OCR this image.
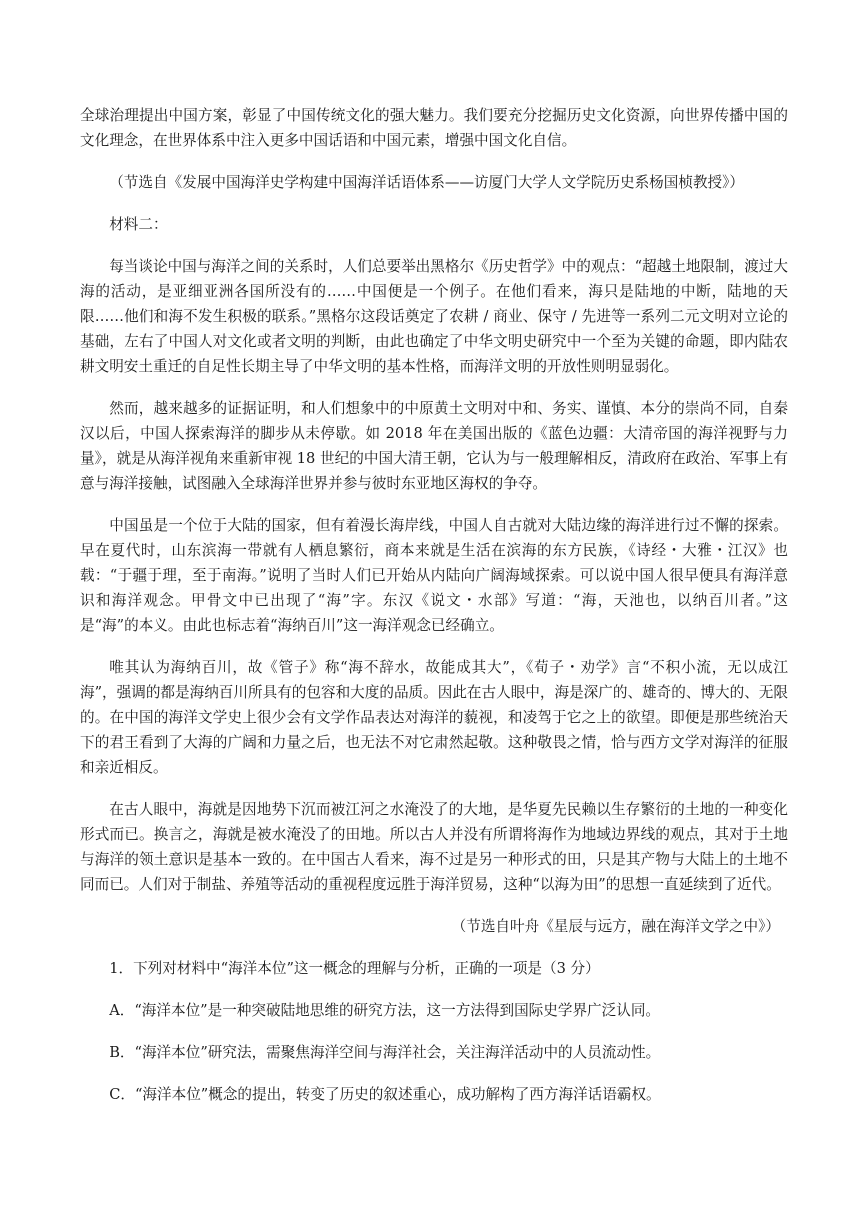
全球治理提出中国方案，彰显了中国传统文化的强大魅力。我们要充分挖掘历史文化资源，向世界传播中国的文化理念，在世界体系中注入更多中国话语和中国元素，增强中国文化自信。

（节选自《发展中国海洋史学构建中国海洋话语体系——访厦门大学人文学院历史系杨国桢教授》）

材料二：

每当谈论中国与海洋之间的关系时，人们总要举出黑格尔《历史哲学》中的观点：“超越土地限制，渡过大海的活动，是亚细亚洲各国所没有的……中国便是一个例子。在他们看来，海只是陆地的中断，陆地的天限……他们和海不发生积极的联系。”黑格尔这段话奠定了农耕 / 商业、保守 / 先进等一系列二元文明对立论的基础，左右了中国人对文化或者文明的判断，由此也确定了中华文明史研究中一个至为关键的命题，即内陆农耕文明安土重迁的自足性长期主导了中华文明的基本性格，而海洋文明的开放性则明显弱化。

然而，越来越多的证据证明，和人们想象中的中原黄土文明对中和、务实、谨慎、本分的崇尚不同，自秦汉以后，中国人探索海洋的脚步从未停歇。如 2018 年在美国出版的《蓝色边疆：大清帝国的海洋视野与力量》，就是从海洋视角来重新审视 18 世纪的中国大清王朝，它认为与一般理解相反，清政府在政治、军事上有意与海洋接触，试图融入全球海洋世界并参与彼时东亚地区海权的争夺。

中国虽是一个位于大陆的国家，但有着漫长海岸线，中国人自古就对大陆边缘的海洋进行过不懈的探索。早在夏代时，山东滨海一带就有人栖息繁衍，商本来就是生活在滨海的东方民族，《诗经・大雅・江汉》也载：“于疆于理，至于南海。”说明了当时人们已开始从内陆向广阔海域探索。可以说中国人很早便具有海洋意识和海洋观念。甲骨文中已出现了“海”字。东汉《说文・水部》写道：“海，天池也，以纳百川者。”这是“海”的本义。由此也标志着“海纳百川”这一海洋观念已经确立。

唯其认为海纳百川，故《管子》称“海不辞水，故能成其大”，《荀子・劝学》言“不积小流，无以成江海”，强调的都是海纳百川所具有的包容和大度的品质。因此在古人眼中，海是深广的、雄奇的、博大的、无限的。在中国的海洋文学史上很少会有文学作品表达对海洋的藐视，和凌驾于它之上的欲望。即便是那些统治天下的君王看到了大海的广阔和力量之后，也无法不对它肃然起敬。这种敬畏之情，恰与西方文学对海洋的征服和亲近相反。

在古人眼中，海就是因地势下沉而被江河之水淹没了的大地，是华夏先民赖以生存繁衍的土地的一种变化形式而已。换言之，海就是被水淹没了的田地。所以古人并没有所谓将海作为地域边界线的观点，其对于土地与海洋的领土意识是基本一致的。在中国古人看来，海不过是另一种形式的田，只是其产物与大陆上的土地不同而已。人们对于制盐、养殖等活动的重视程度远胜于海洋贸易，这种“以海为田”的思想一直延续到了近代。

（节选自叶舟《星辰与远方，融在海洋文学之中》）

1．下列对材料中“海洋本位”这一概念的理解与分析，正确的一项是（3 分）

A．“海洋本位”是一种突破陆地思维的研究方法，这一方法得到国际史学界广泛认同。

B．“海洋本位”研究法，需聚焦海洋空间与海洋社会，关注海洋活动中的人员流动性。

C．“海洋本位”概念的提出，转变了历史的叙述重心，成功解构了西方海洋话语霸权。
